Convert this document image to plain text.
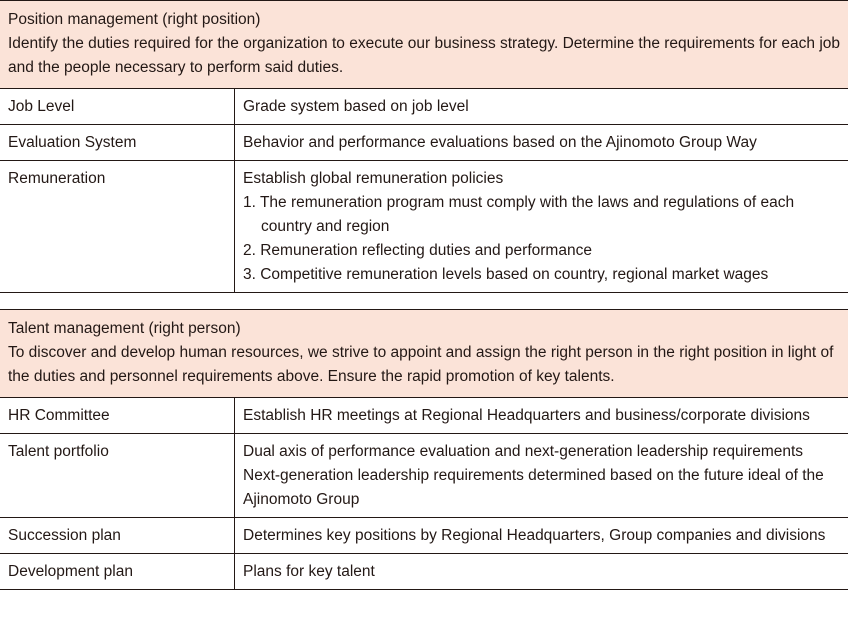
Position management (right position)
Identify the duties required for the organization to execute our business strategy. Determine the requirements for each job and the people necessary to perform said duties.
Job Level	Grade system based on job level

Evaluation System	Behavior and performance evaluations based on the Ajinomoto Group Way

Remuneration	Establish global remuneration policies
1. The remuneration program must comply with the laws and regulations of each
country and region
2. Remuneration reflecting duties and performance
3. Competitive remuneration levels based on country, regional market wages
Talent management (right person)
To discover and develop human resources, we strive to appoint and assign the right person in the right position in light of the duties and personnel requirements above. Ensure the rapid promotion of key talents.
HR Committee	Establish HR meetings at Regional Headquarters and business/corporate divisions

Talent portfolio	Dual axis of performance evaluation and next-generation leadership requirements
Next-generation leadership requirements determined based on the future ideal of the Ajinomoto Group

Succession plan	Determines key positions by Regional Headquarters, Group companies and divisions

Development plan	Plans for key talent
